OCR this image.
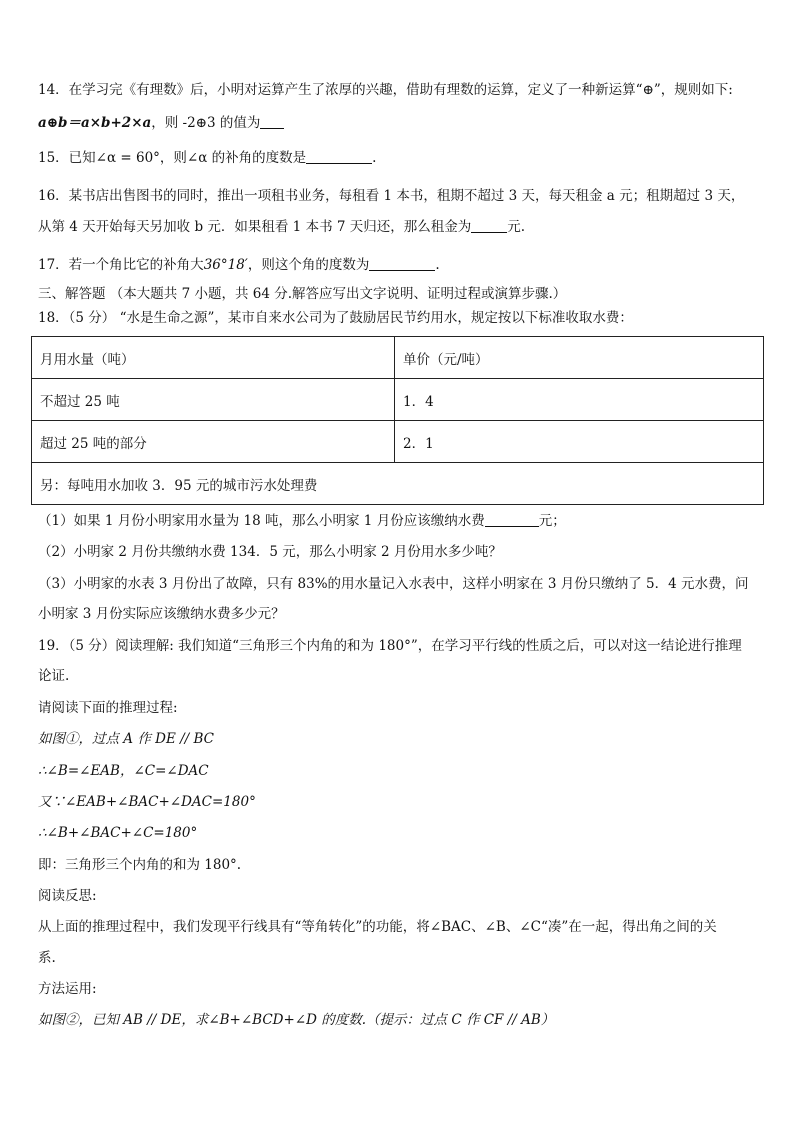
14．在学习完《有理数》后，小明对运算产生了浓厚的兴趣，借助有理数的运算，定义了一种新运算“⊕”，规则如下:
a⊕b＝a×b+2×a，则 -2⊕3 的值为
15．已知∠α = 60°，则∠α 的补角的度数是	.
16．某书店出售图书的同时，推出一项租书业务，每租看 1 本书，租期不超过 3 天，每天租金 a 元；租期超过 3 天，
从第 4 天开始每天另加收 b 元．如果租看 1 本书 7 天归还，那么租金为	元.
17．若一个角比它的补角大36°18′，则这个角的度数为	.
三、解答题 （本大题共 7 小题，共 64 分.解答应写出文字说明、证明过程或演算步骤.）
18．（5 分） “水是生命之源”，某市自来水公司为了鼓励居民节约用水，规定按以下标准收取水费：
月用水量（吨）	单价（元/吨）
不超过 25 吨	1．4
超过 25 吨的部分	2．1
另：每吨用水加收 3．95 元的城市污水处理费	
（1）如果 1 月份小明家用水量为 18 吨，那么小明家 1 月份应该缴纳水费	元；
（2）小明家 2 月份共缴纳水费 134．5 元，那么小明家 2 月份用水多少吨？
（3）小明家的水表 3 月份出了故障，只有 83%的用水量记入水表中，这样小明家在 3 月份只缴纳了 5．4 元水费，问
小明家 3 月份实际应该缴纳水费多少元？
19．（5 分）阅读理解: 我们知道“三角形三个内角的和为 180°”，在学习平行线的性质之后，可以对这一结论进行推理
论证.
请阅读下面的推理过程:
如图①，过点 A 作 DE // BC
∴∠B=∠EAB，∠C=∠DAC
又∵∠EAB+∠BAC+∠DAC=180°
∴∠B+∠BAC+∠C=180°
即：三角形三个内角的和为 180°.
阅读反思:
从上面的推理过程中，我们发现平行线具有“等角转化”的功能，将∠BAC、∠B、∠C“凑”在一起，得出角之间的关
系.
方法运用:
如图②，已知 AB // DE，求∠B+∠BCD+∠D 的度数.（提示：过点 C 作 CF // AB）
